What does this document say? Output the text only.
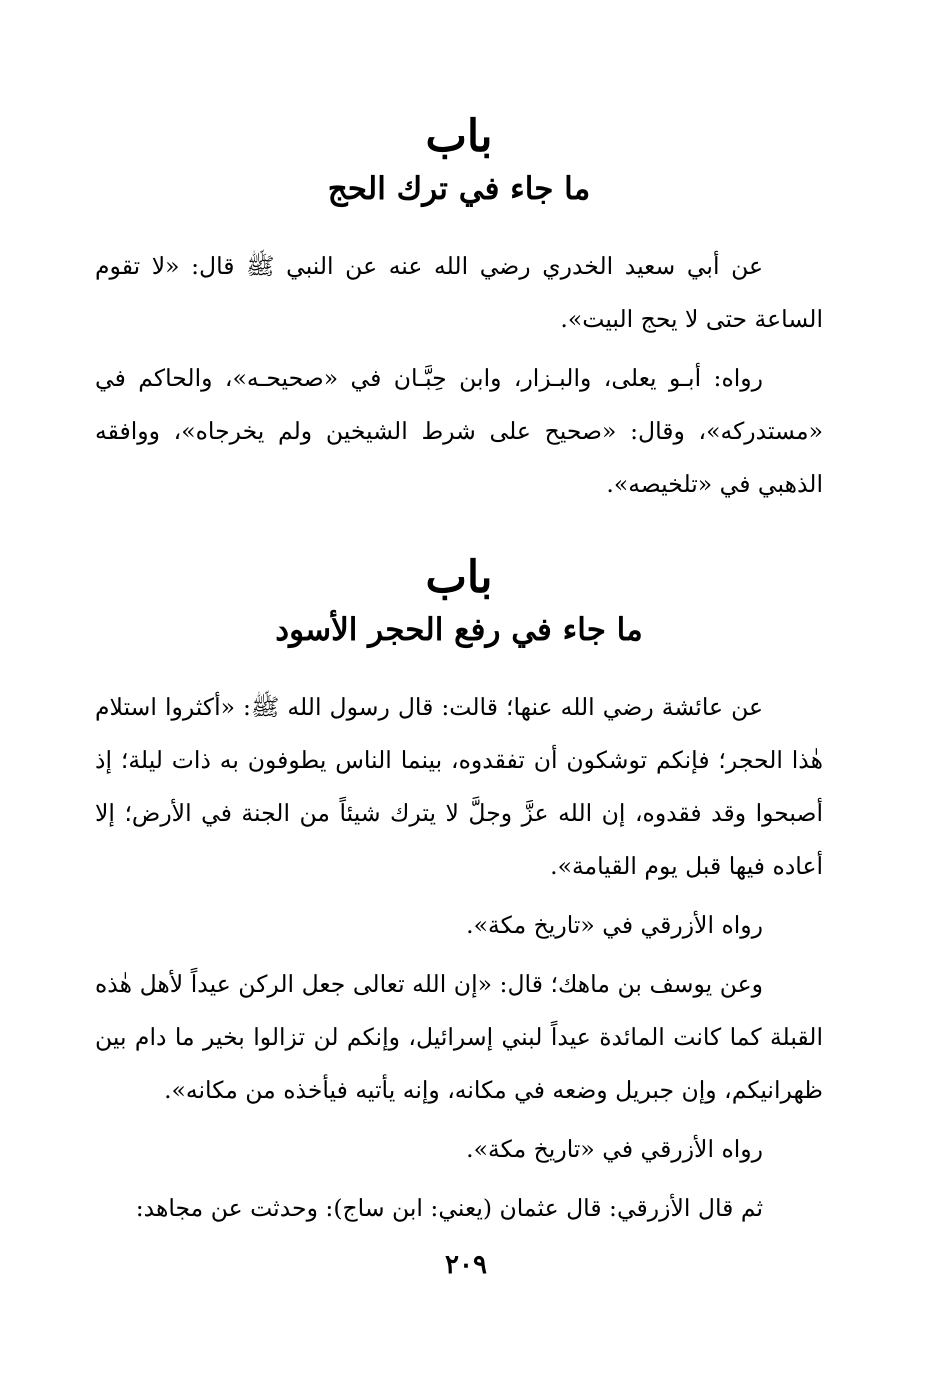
باب
ما جاء في ترك الحج

عن أبي سعيد الخدري رضي الله عنه عن النبي ﷺ قال: «لا تقوم الساعة حتى لا يحج البيت».

رواه: أبـو يعلى، والبـزار، وابن حِبَّـان في «صحيحـه»، والحاكم في «مستدركه»، وقال: «صحيح على شرط الشيخين ولم يخرجاه»، ووافقه الذهبي في «تلخيصه».

باب
ما جاء في رفع الحجر الأسود

عن عائشة رضي الله عنها؛ قالت: قال رسول الله ﷺ: «أكثروا استلام هٰذا الحجر؛ فإنكم توشكون أن تفقدوه، بينما الناس يطوفون به ذات ليلة؛ إذ أصبحوا وقد فقدوه، إن الله عزَّ وجلَّ لا يترك شيئاً من الجنة في الأرض؛ إلا أعاده فيها قبل يوم القيامة».

رواه الأزرقي في «تاريخ مكة».

وعن يوسف بن ماهك؛ قال: «إن الله تعالى جعل الركن عيداً لأهل هٰذه القبلة كما كانت المائدة عيداً لبني إسرائيل، وإنكم لن تزالوا بخير ما دام بين ظهرانيكم، وإن جبريل وضعه في مكانه، وإنه يأتيه فيأخذه من مكانه».

رواه الأزرقي في «تاريخ مكة».

ثم قال الأزرقي: قال عثمان (يعني: ابن ساج): وحدثت عن مجاهد:

٢٠٩
